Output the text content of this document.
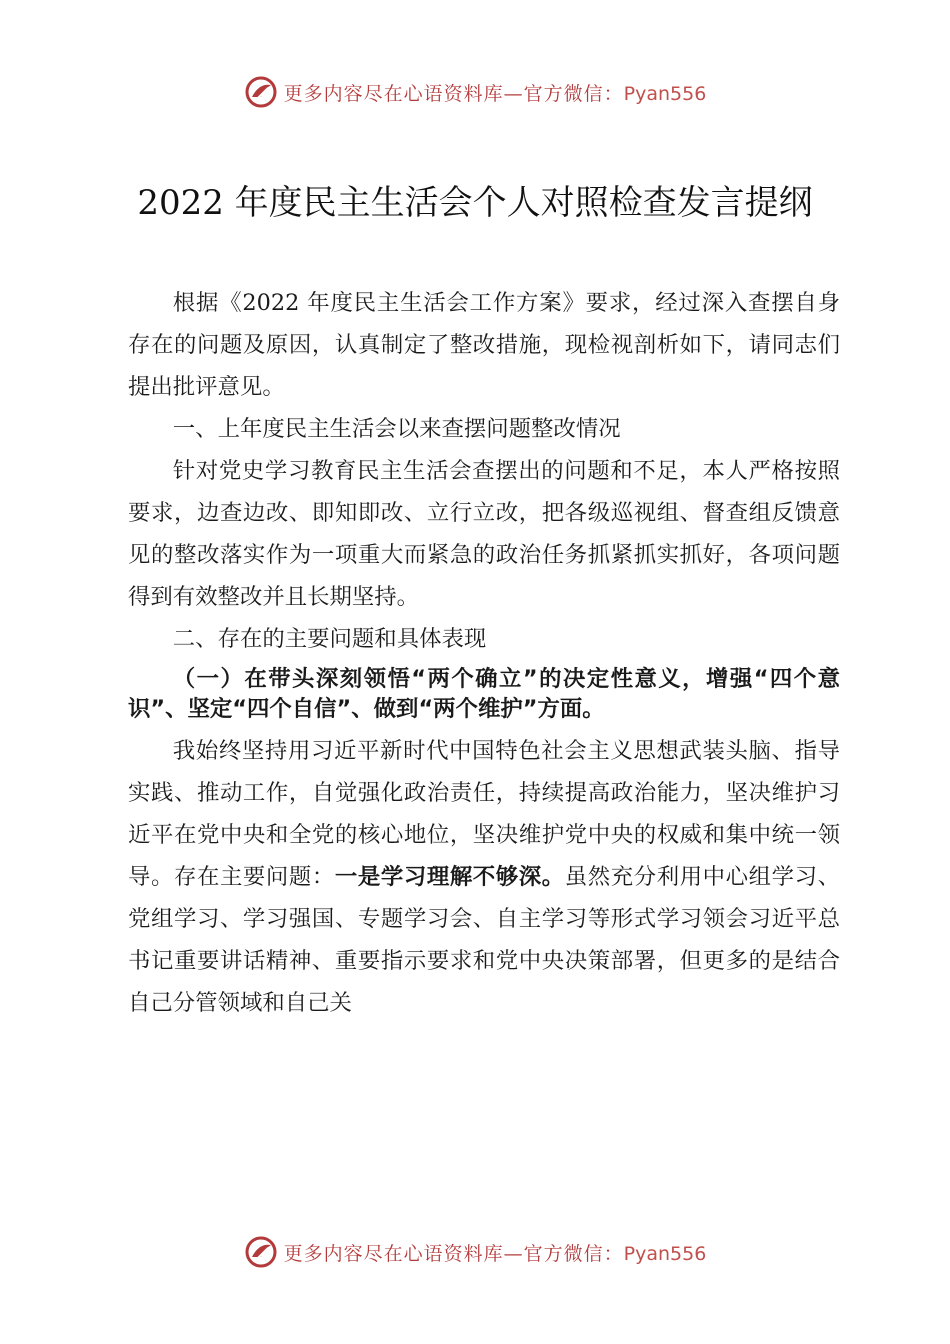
更多内容尽在心语资料库—官方微信：Pyan556
2022 年度民主生活会个人对照检查发言提纲

根据《2022 年度民主生活会工作方案》要求，经过深入查摆自身存在的问题及原因，认真制定了整改措施，现检视剖析如下，请同志们提出批评意见。

一、上年度民主生活会以来查摆问题整改情况

针对党史学习教育民主生活会查摆出的问题和不足，本人严格按照要求，边查边改、即知即改、立行立改，把各级巡视组、督查组反馈意见的整改落实作为一项重大而紧急的政治任务抓紧抓实抓好，各项问题得到有效整改并且长期坚持。

二、存在的主要问题和具体表现

（一）在带头深刻领悟“两个确立”的决定性意义，增强“四个意识”、坚定“四个自信”、做到“两个维护”方面。

我始终坚持用习近平新时代中国特色社会主义思想武装头脑、指导实践、推动工作，自觉强化政治责任，持续提高政治能力，坚决维护习近平在党中央和全党的核心地位，坚决维护党中央的权威和集中统一领导。存在主要问题：一是学习理解不够深。虽然充分利用中心组学习、党组学习、学习强国、专题学习会、自主学习等形式学习领会习近平总书记重要讲话精神、重要指示要求和党中央决策部署，但更多的是结合自己分管领域和自己关

更多内容尽在心语资料库—官方微信：Pyan556
